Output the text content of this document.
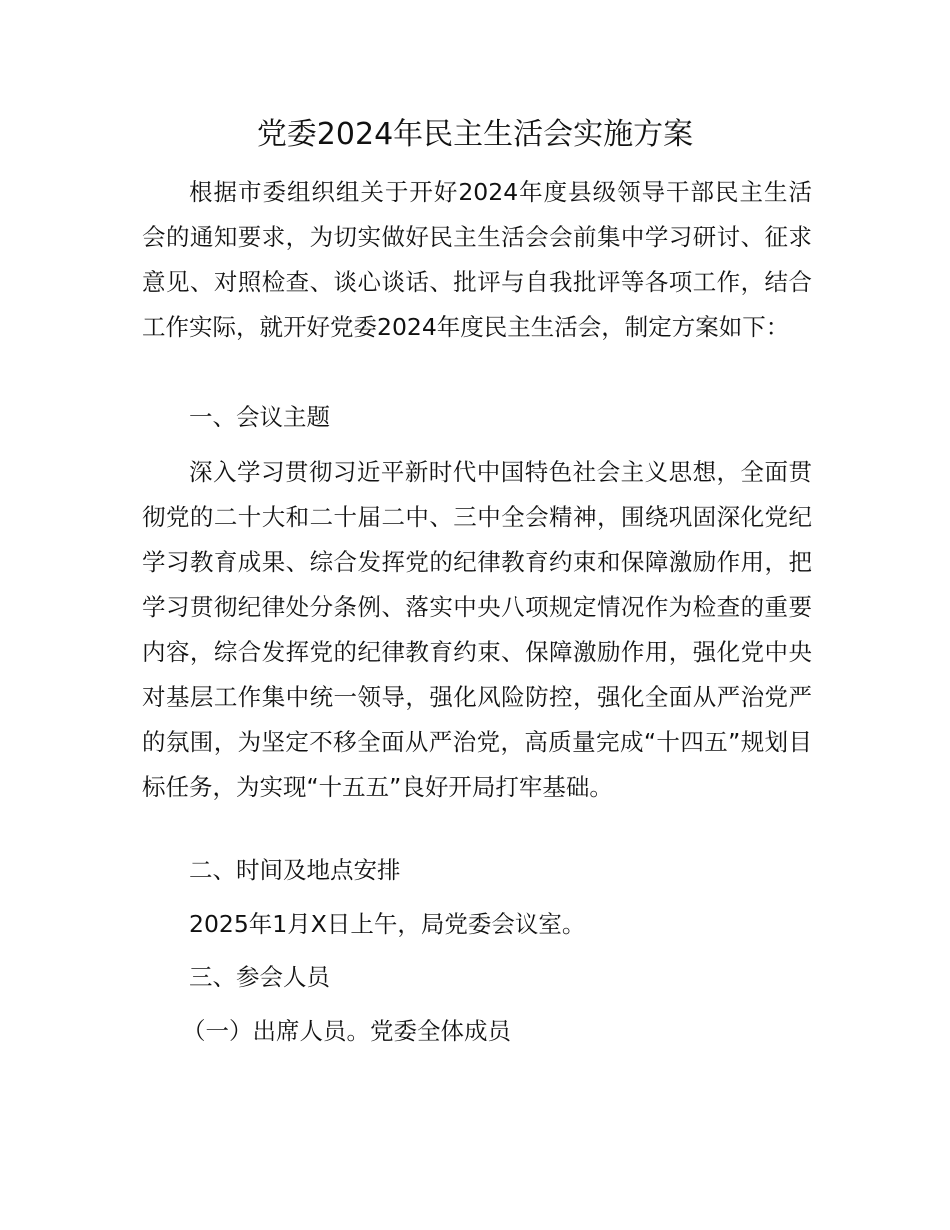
党委2024年民主生活会实施方案

根据市委组织组关于开好2024年度县级领导干部民主生活会的通知要求，为切实做好民主生活会会前集中学习研讨、征求意见、对照检查、谈心谈话、批评与自我批评等各项工作，结合工作实际，就开好党委2024年度民主生活会，制定方案如下：

一、会议主题

深入学习贯彻习近平新时代中国特色社会主义思想，全面贯彻党的二十大和二十届二中、三中全会精神，围绕巩固深化党纪学习教育成果、综合发挥党的纪律教育约束和保障激励作用，把学习贯彻纪律处分条例、落实中央八项规定情况作为检查的重要内容，综合发挥党的纪律教育约束、保障激励作用，强化党中央对基层工作集中统一领导，强化风险防控，强化全面从严治党严的氛围，为坚定不移全面从严治党，高质量完成“十四五”规划目标任务，为实现“十五五”良好开局打牢基础。

二、时间及地点安排

2025年1月X日上午，局党委会议室。

三、参会人员

（一）出席人员。党委全体成员
